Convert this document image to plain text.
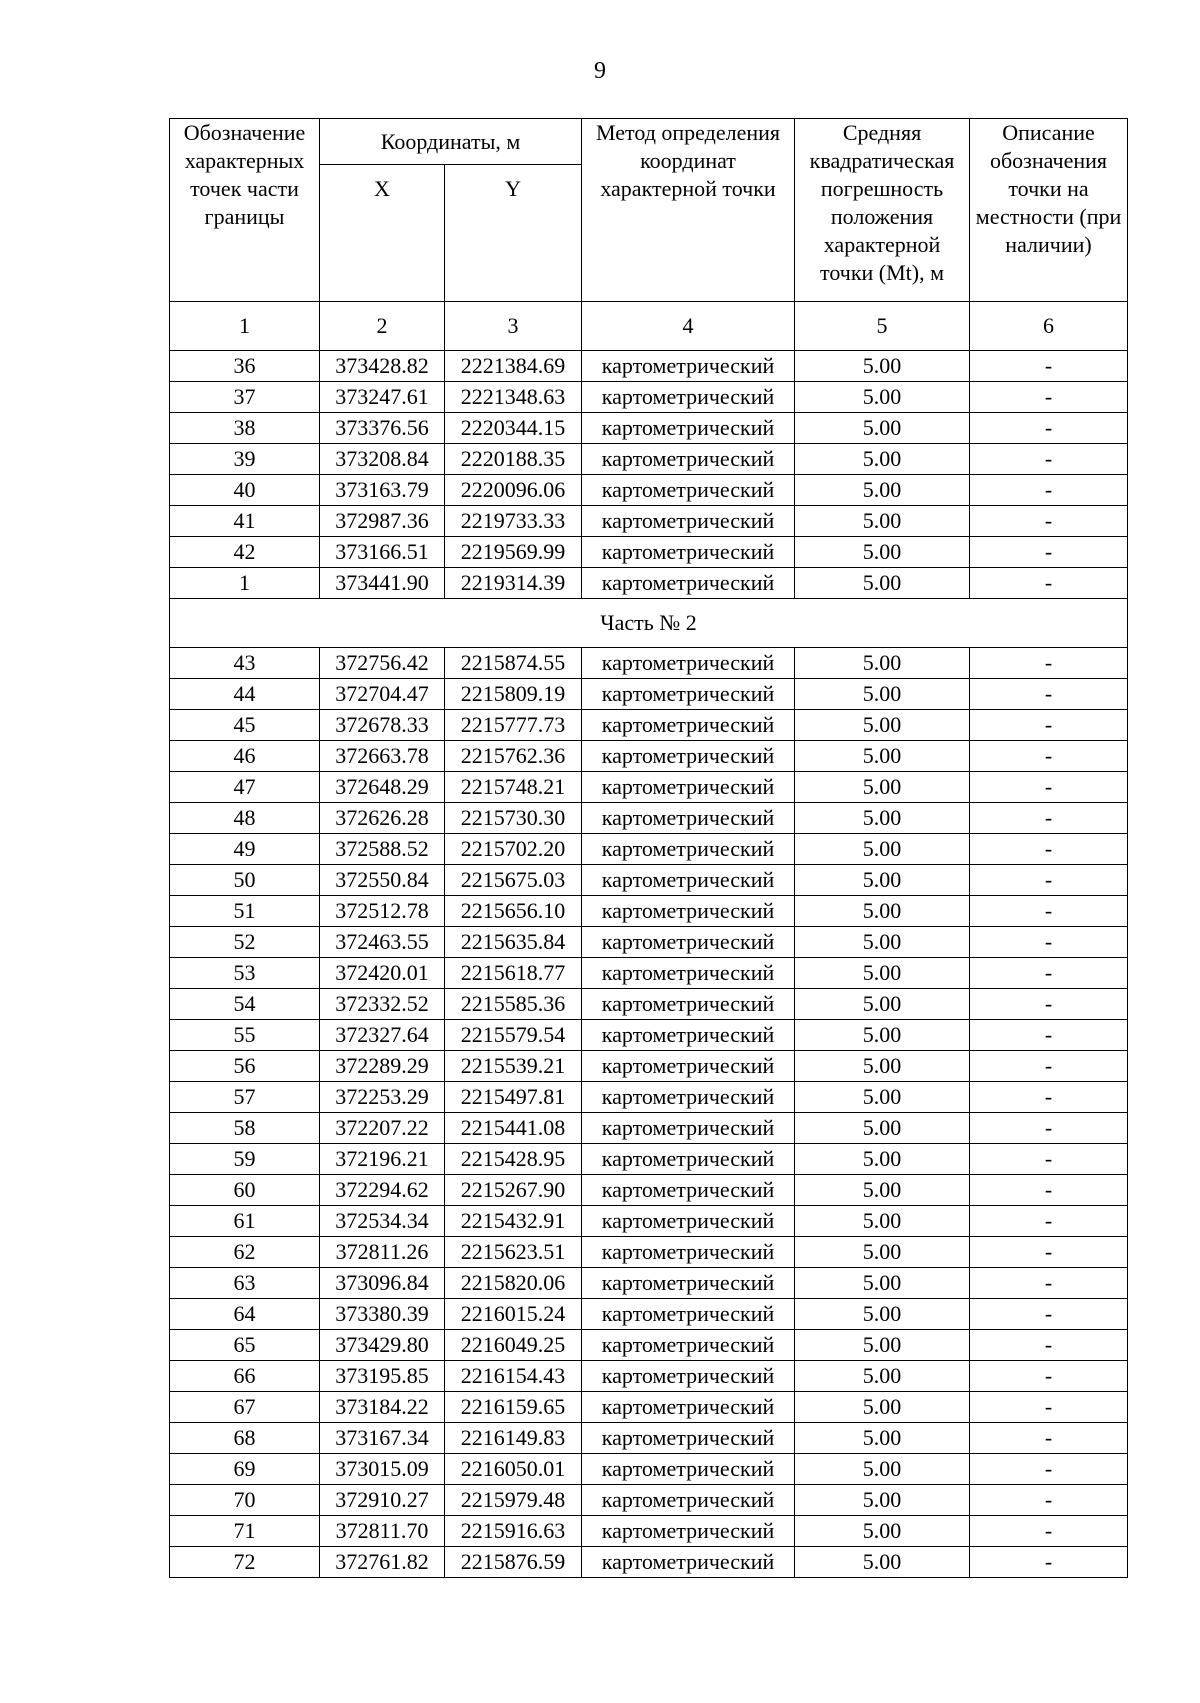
9
Обозначение характерных точек части границы	Координаты, м		Метод определения координат характерной точки	Средняя квадратическая погрешность положения характерной точки (Mt), м	Описание обозначения точки на местности (при наличии)
	X	Y			
1	2	3	4	5	6
36	373428.82	2221384.69	картометрический	5.00	-
37	373247.61	2221348.63	картометрический	5.00	-
38	373376.56	2220344.15	картометрический	5.00	-
39	373208.84	2220188.35	картометрический	5.00	-
40	373163.79	2220096.06	картометрический	5.00	-
41	372987.36	2219733.33	картометрический	5.00	-
42	373166.51	2219569.99	картометрический	5.00	-
1	373441.90	2219314.39	картометрический	5.00	-
Часть № 2					
43	372756.42	2215874.55	картометрический	5.00	-
44	372704.47	2215809.19	картометрический	5.00	-
45	372678.33	2215777.73	картометрический	5.00	-
46	372663.78	2215762.36	картометрический	5.00	-
47	372648.29	2215748.21	картометрический	5.00	-
48	372626.28	2215730.30	картометрический	5.00	-
49	372588.52	2215702.20	картометрический	5.00	-
50	372550.84	2215675.03	картометрический	5.00	-
51	372512.78	2215656.10	картометрический	5.00	-
52	372463.55	2215635.84	картометрический	5.00	-
53	372420.01	2215618.77	картометрический	5.00	-
54	372332.52	2215585.36	картометрический	5.00	-
55	372327.64	2215579.54	картометрический	5.00	-
56	372289.29	2215539.21	картометрический	5.00	-
57	372253.29	2215497.81	картометрический	5.00	-
58	372207.22	2215441.08	картометрический	5.00	-
59	372196.21	2215428.95	картометрический	5.00	-
60	372294.62	2215267.90	картометрический	5.00	-
61	372534.34	2215432.91	картометрический	5.00	-
62	372811.26	2215623.51	картометрический	5.00	-
63	373096.84	2215820.06	картометрический	5.00	-
64	373380.39	2216015.24	картометрический	5.00	-
65	373429.80	2216049.25	картометрический	5.00	-
66	373195.85	2216154.43	картометрический	5.00	-
67	373184.22	2216159.65	картометрический	5.00	-
68	373167.34	2216149.83	картометрический	5.00	-
69	373015.09	2216050.01	картометрический	5.00	-
70	372910.27	2215979.48	картометрический	5.00	-
71	372811.70	2215916.63	картометрический	5.00	-
72	372761.82	2215876.59	картометрический	5.00	-
